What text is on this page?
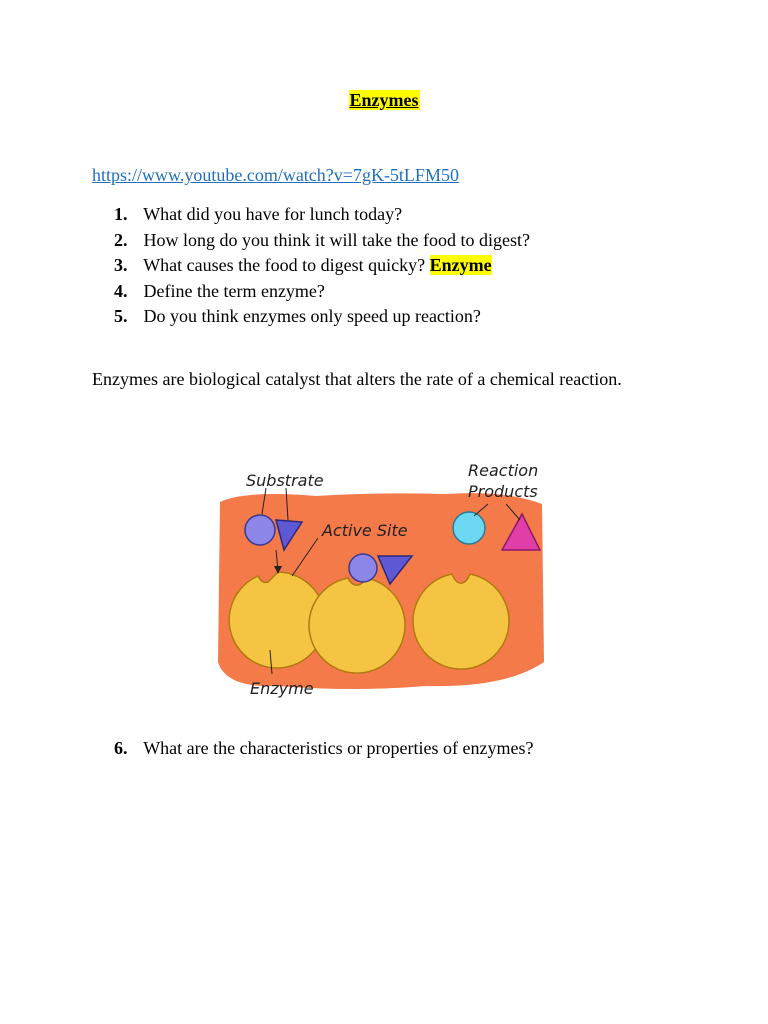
Enzymes
https://www.youtube.com/watch?v=7gK-5tLFM50
1. What did you have for lunch today?
2. How long do you think it will take the food to digest?
3. What causes the food to digest quicky? Enzyme
4. Define the term enzyme?
5. Do you think enzymes only speed up reaction?
Enzymes are biological catalyst that alters the rate of a chemical reaction.
Substrate
Active Site
Reaction
Products
Enzyme
6. What are the characteristics or properties of enzymes?
